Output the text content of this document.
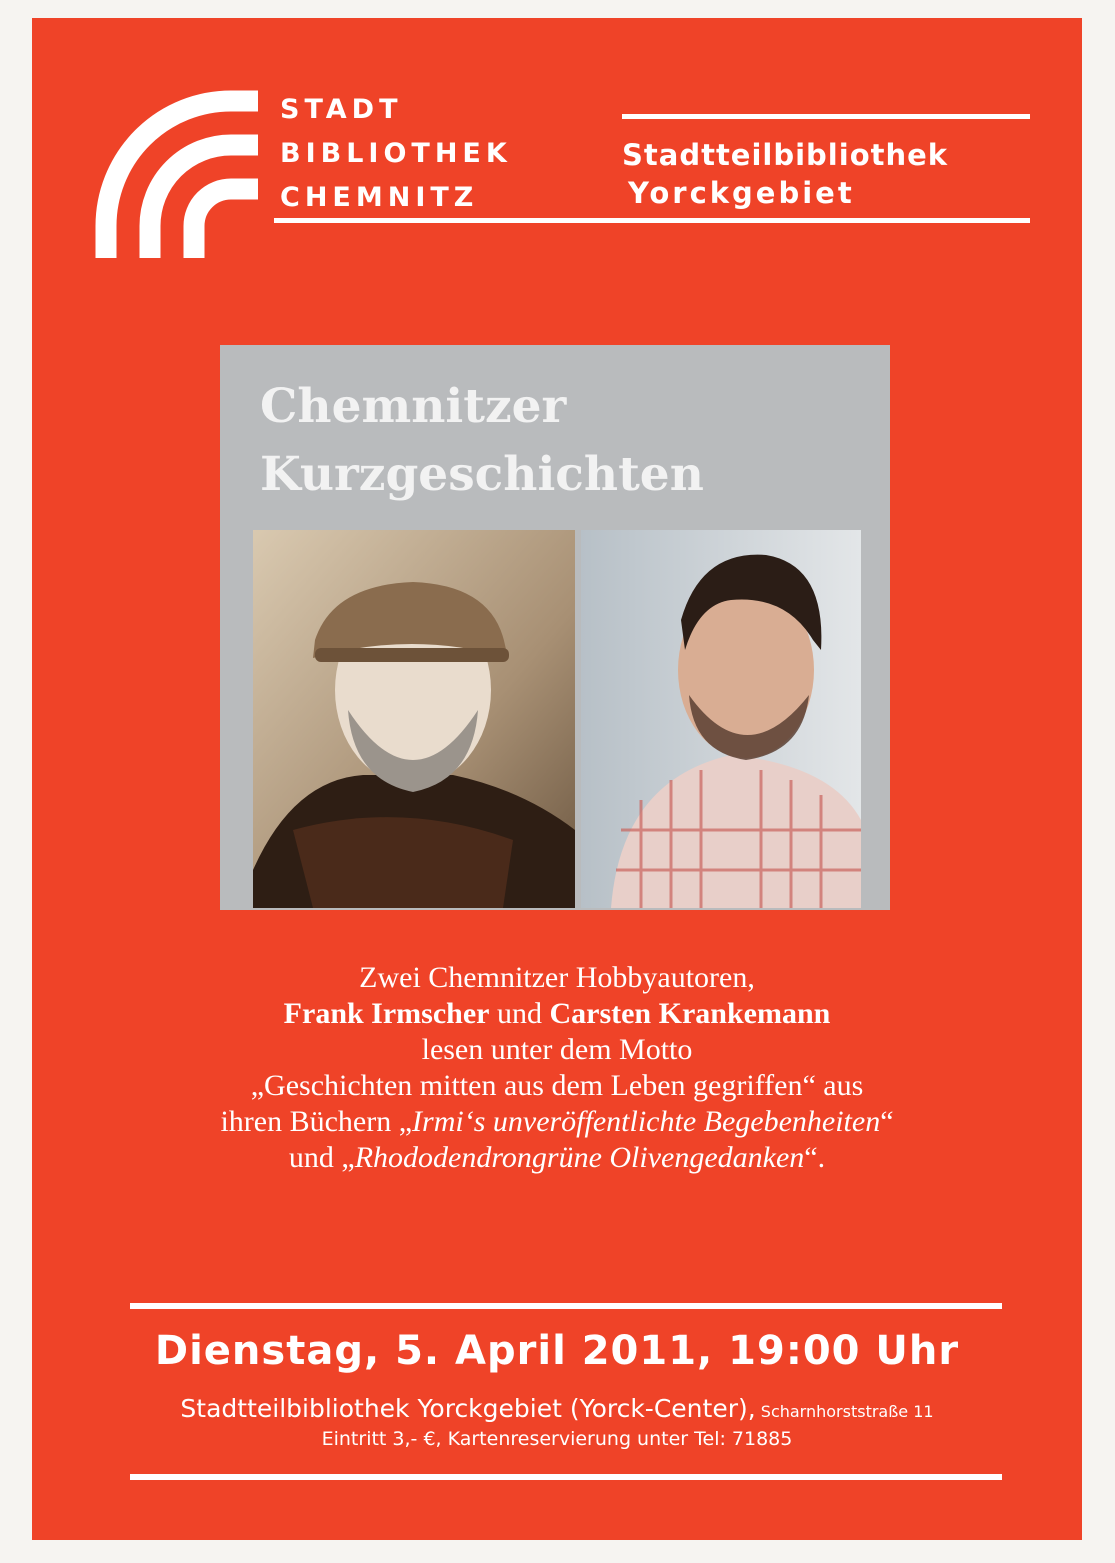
STADT
BIBLIOTHEK
CHEMNITZ
Stadtteilbibliothek
Yorckgebiet
Chemnitzer
Kurzgeschichten

Zwei Chemnitzer Hobbyautoren,

Frank Irmscher und Carsten Krankemann

lesen unter dem Motto

„Geschichten mitten aus dem Leben gegriffen“ aus

ihren Büchern „Irmi‘s unveröffentlichte Begebenheiten“

und „Rhododendrongrüne Olivengedanken“.

Dienstag, 5. April 2011, 19:00 Uhr
Stadtteilbibliothek Yorckgebiet (Yorck-Center), Scharnhorststraße 11
Eintritt 3,- €, Kartenreservierung unter Tel: 71885
